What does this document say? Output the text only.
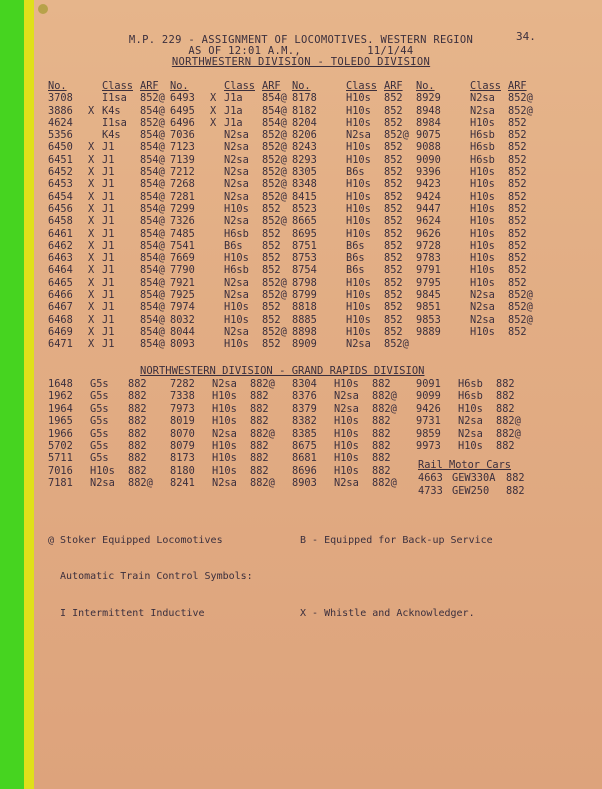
M.P. 229 - ASSIGNMENT OF LOCOMOTIVES. WESTERN REGION
AS OF 12:01 A.M.,          11/1/44
NORTHWESTERN DIVISION - TOLEDO DIVISION
34.
No.	Class ARF
3708	I1sa	852@
3886	X K4s	854@
4624	I1sa	852@
5356	K4s	854@
6450	X J1	854@
6451	X J1	854@
6452	X J1	854@
6453	X J1	854@
6454	X J1	854@
6456	X J1	854@
6458	X J1	854@
6461	X J1	854@
6462	X J1	854@
6463	X J1	854@
6464	X J1	854@
6465	X J1	854@
6466	X J1	854@
6467	X J1	854@
6468	X J1	854@
6469	X J1	854@
6471	X J1	854@
No.	Class ARF
6493	X J1a	854@
6495	X J1a	854@
6496	X J1a	854@
7036	N2sa	852@
7123	N2sa	852@
7139	N2sa	852@
7212	N2sa	852@
7268	N2sa	852@
7281	N2sa	852@
7299	H10s	852
7326	N2sa	852@
7485	H6sb	852
7541	B6s	852
7669	H10s	852
7790	H6sb	852
7921	N2sa	852@
7925	N2sa	852@
7974	H10s	852
8032	H10s	852
8044	N2sa	852@
8093	H10s	852
No.	Class ARF
8178	H10s	852
8182	H10s	852
8204	H10s	852
8206	N2sa	852@
8243	H10s	852
8293	H10s	852
8305	B6s	852
8348	H10s	852
8415	H10s	852
8523	H10s	852
8665	H10s	852
8695	H10s	852
8751	B6s	852
8753	B6s	852
8754	B6s	852
8798	H10s	852
8799	H10s	852
8818	H10s	852
8885	H10s	852
8898	H10s	852
8909	N2sa	852@
No.	Class ARF
8929	N2sa	852@
8948	N2sa	852@
8984	H10s	852
9075	H6sb	852
9088	H6sb	852
9090	H6sb	852
9396	H10s	852
9423	H10s	852
9424	H10s	852
9447	H10s	852
9624	H10s	852
9626	H10s	852
9728	H10s	852
9783	H10s	852
9791	H10s	852
9795	H10s	852
9845	N2sa	852@
9851	N2sa	852@
9853	N2sa	852@
9889	H10s	852
NORTHWESTERN DIVISION - GRAND RAPIDS DIVISION
1648	G5s	882
1962	G5s	882
1964	G5s	882
1965	G5s	882
1966	G5s	882
5702	G5s	882
5711	G5s	882
7016	H10s	882
7181	N2sa	882@
7282	N2sa	882@
7338	H10s	882
7973	H10s	882
8019	H10s	882
8070	N2sa	882@
8079	H10s	882
8173	H10s	882
8180	H10s	882
8241	N2sa	882@
8304	H10s	882
8376	N2sa	882@
8379	N2sa	882@
8382	H10s	882
8385	H10s	882
8675	H10s	882
8681	H10s	882
8696	H10s	882
8903	N2sa	882@
9091	H6sb	882
9099	H6sb	882
9426	H10s	882
9731	N2sa	882@
9859	N2sa	882@
9973	H10s	882
Rail Motor Cars
4663 GEW330A	882
4733 GEW250	882

@ Stoker Equipped Locomotives

Automatic Train Control Symbols:

I Intermittent Inductive

B - Equipped for Back-up Service

X - Whistle and Acknowledger.
